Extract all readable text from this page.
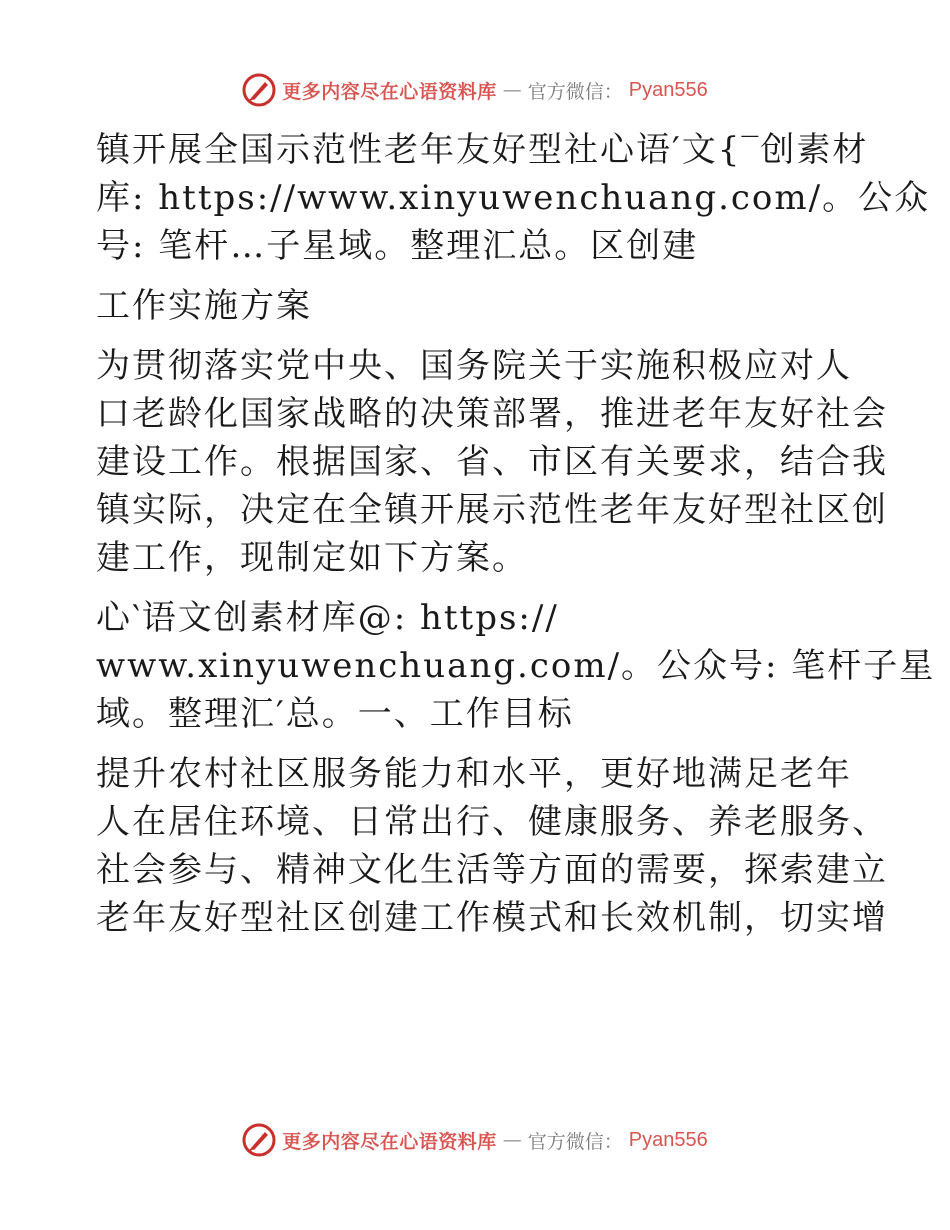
更多内容尽在心语资料库 — 官方微信： Pyan556

镇开展全国示范性老年友好型社心语′文{‾创素材
库: https://www.xinyuwenchuang.com/。公众
号: 笔杆…子星域。整理汇总。区创建

工作实施方案

为贯彻落实党中央、国务院关于实施积极应对人
口老龄化国家战略的决策部署，推进老年友好社会
建设工作。根据国家、省、市区有关要求，结合我
镇实际，决定在全镇开展示范性老年友好型社区创
建工作，现制定如下方案。

心‵语文创素材库@: https://
www.xinyuwenchuang.com/。公众号: 笔杆子星
域。整理汇′总。一、工作目标

提升农村社区服务能力和水平，更好地满足老年
人在居住环境、日常出行、健康服务、养老服务、
社会参与、精神文化生活等方面的需要，探索建立
老年友好型社区创建工作模式和长效机制，切实增

更多内容尽在心语资料库 — 官方微信： Pyan556
